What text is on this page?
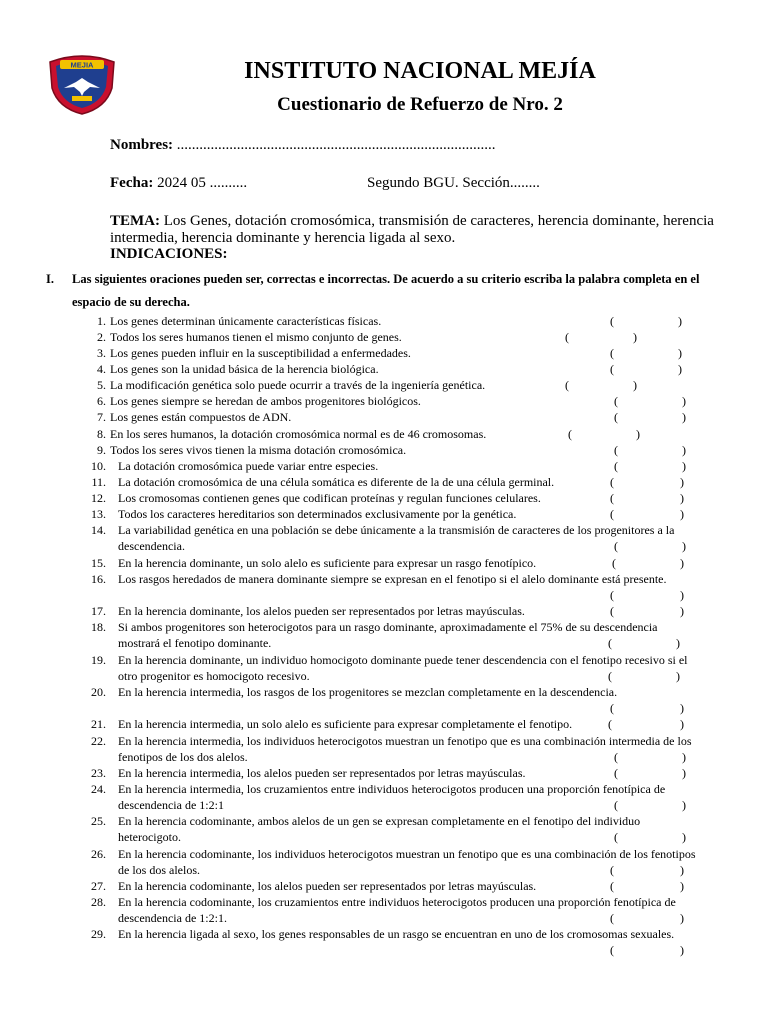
MEJIA	INSTITUTO NACIONAL MEJÍA
Cuestionario de Refuerzo de Nro. 2
Nombres: .....................................................................................
Fecha: 2024 05 ..........	Segundo BGU. Sección........
TEMA: Los Genes, dotación cromosómica, transmisión de caracteres, herencia dominante, herencia intermedia, herencia dominante y herencia ligada al sexo.
INDICACIONES:
I. Las siguientes oraciones pueden ser, correctas e incorrectas. De acuerdo a su criterio escriba la palabra completa en el espacio de su derecha.
1. Los genes determinan únicamente características físicas.	(	)
2. Todos los seres humanos tienen el mismo conjunto de genes.	(	)
3. Los genes pueden influir en la susceptibilidad a enfermedades.	(	)
4. Los genes son la unidad básica de la herencia biológica.	(	)
5. La modificación genética solo puede ocurrir a través de la ingeniería genética.	(	)
6. Los genes siempre se heredan de ambos progenitores biológicos.	(	)
7. Los genes están compuestos de ADN.	(	)
8. En los seres humanos, la dotación cromosómica normal es de 46 cromosomas.	(	)
9. Todos los seres vivos tienen la misma dotación cromosómica.	(	)
10. La dotación cromosómica puede variar entre especies.	(	)
11. La dotación cromosómica de una célula somática es diferente de la de una célula germinal.	(	)
12. Los cromosomas contienen genes que codifican proteínas y regulan funciones celulares.	(	)
13. Todos los caracteres hereditarios son determinados exclusivamente por la genética.	(	)
14. La variabilidad genética en una población se debe únicamente a la transmisión de caracteres de los progenitores a la descendencia.	(	)
15. En la herencia dominante, un solo alelo es suficiente para expresar un rasgo fenotípico.	(	)
16. Los rasgos heredados de manera dominante siempre se expresan en el fenotipo si el alelo dominante está presente.
(	)
17. En la herencia dominante, los alelos pueden ser representados por letras mayúsculas.	(	)
18. Si ambos progenitores son heterocigotos para un rasgo dominante, aproximadamente el 75% de su descendencia mostrará el fenotipo dominante.	(	)
19. En la herencia dominante, un individuo homocigoto dominante puede tener descendencia con el fenotipo recesivo si el otro progenitor es homocigoto recesivo.	(	)
20. En la herencia intermedia, los rasgos de los progenitores se mezclan completamente en la descendencia.
(	)
21. En la herencia intermedia, un solo alelo es suficiente para expresar completamente el fenotipo.	(	)
22. En la herencia intermedia, los individuos heterocigotos muestran un fenotipo que es una combinación intermedia de los fenotipos de los dos alelos.	(	)
23. En la herencia intermedia, los alelos pueden ser representados por letras mayúsculas.	(	)
24. En la herencia intermedia, los cruzamientos entre individuos heterocigotos producen una proporción fenotípica de descendencia de 1:2:1	(	)
25. En la herencia codominante, ambos alelos de un gen se expresan completamente en el fenotipo del individuo heterocigoto.	(	)
26. En la herencia codominante, los individuos heterocigotos muestran un fenotipo que es una combinación de los fenotipos de los dos alelos.	(	)
27. En la herencia codominante, los alelos pueden ser representados por letras mayúsculas.	(	)
28. En la herencia codominante, los cruzamientos entre individuos heterocigotos producen una proporción fenotípica de descendencia de 1:2:1.	(	)
29. En la herencia ligada al sexo, los genes responsables de un rasgo se encuentran en uno de los cromosomas sexuales.
(	)
